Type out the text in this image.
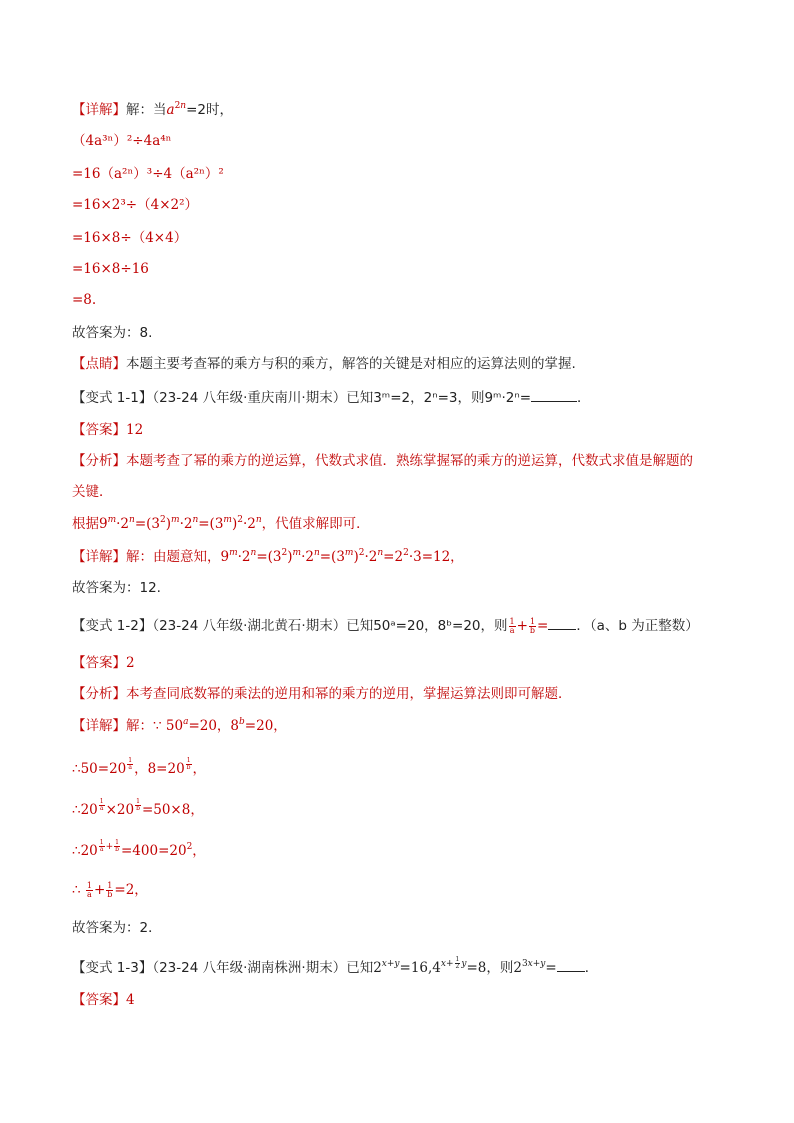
【详解】解：当$a^{2n}=2$时，
（4a³ⁿ）²÷4a⁴ⁿ
=16（a²ⁿ）³÷4（a²ⁿ）²
=16×2³÷（4×2²）
=16×8÷（4×4）
=16×8÷16
=8.
故答案为：8.
【点睛】本题主要考查幂的乘方与积的乘方，解答的关键是对相应的运算法则的掌握.
【变式 1-1】（23-24 八年级·重庆南川·期末）已知3ᵐ=2，2ⁿ=3，则9ᵐ·2ⁿ=	．
【答案】12
【分析】本题考查了幂的乘方的逆运算，代数式求值．熟练掌握幂的乘方的逆运算，代数式求值是解题的
关键．
根据$9^m\cdot 2^n=(3^2)^m\cdot 2^n=(3^m)^2\cdot 2^n$，代值求解即可．
【详解】解：由题意知，$9^m\cdot 2^n=(3^2)^m\cdot 2^n=(3^m)^2\cdot 2^n=2^2\cdot 3=12$，
故答案为：12.
【变式 1-2】（23-24 八年级·湖北黄石·期末）已知50ᵃ=20，8ᵇ=20，则 $\frac{1}{a} + \frac{1}{b}$ = ．（a、b 为正整数）
【答案】2
【分析】本考查同底数幂的乘法的逆用和幂的乘方的逆用，掌握运算法则即可解题．
【详解】解：∵ $50^a=20$，$8^b=20$，
∴50=20 $^{\frac{1}{a}}$ ，8=20 $^{\frac{1}{b}}$ ，
∴20 $^{\frac{1}{a}}$ ×20 $^{\frac{1}{b}}$ =50×8，
∴20 $^{\frac{1}{a} + \frac{1}{b}} =400=20^2$，
∴ $\frac{1}{a} + \frac{1}{b} =2$，
故答案为：2．
【变式 1-3】（23-24 八年级·湖南株洲·期末）已知$2^{x+y}=16,4^{x+ \frac{1}{2} y}=8$，则$2^{3x+y}=$ ．
【答案】4
